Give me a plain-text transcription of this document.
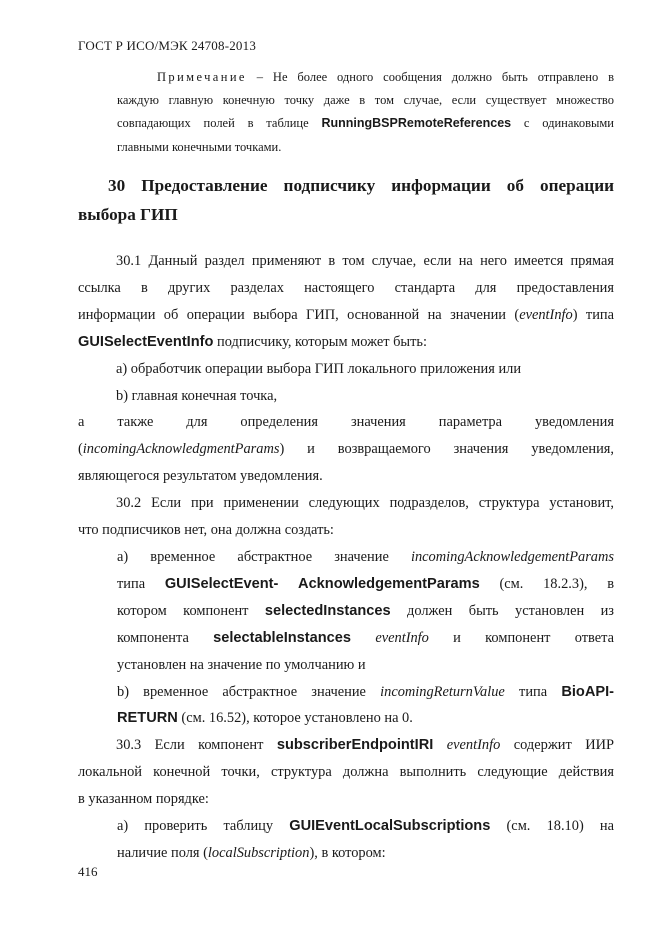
ГОСТ Р ИСО/МЭК 24708-2013
Примечание – Не более одного сообщения должно быть отправлено в
каждую главную конечную точку даже в том случае, если существует множество
совпадающих полей в таблице RunningBSPRemoteReferences с одинаковыми
главными конечными точками.
30 Предоставление подписчику информации об операции
выбора ГИП
30.1 Данный раздел применяют в том случае, если на него имеется прямая
ссылка в других разделах настоящего стандарта для предоставления
информации об операции выбора ГИП, основанной на значении (eventInfo) типа
GUISelectEventInfo подписчику, которым может быть:
а) обработчик операции выбора ГИП локального приложения или
b) главная конечная точка,
а также для определения значения параметра уведомления
(incomingAcknowledgmentParams) и возвращаемого значения уведомления,
являющегося результатом уведомления.
30.2 Если при применении следующих подразделов, структура установит,
что подписчиков нет, она должна создать:
а) временное абстрактное значение incomingAcknowledgementParams
типа GUISelectEvent- AcknowledgementParams (см. 18.2.3), в
котором компонент selectedInstances должен быть установлен из
компонента selectableInstances eventInfo и компонент ответа
установлен на значение по умолчанию и
b) временное абстрактное значение incomingReturnValue типа BioAPI-
RETURN (см. 16.52), которое установлено на 0.
30.3 Если компонент subscriberEndpointIRI eventInfo содержит ИИР
локальной конечной точки, структура должна выполнить следующие действия
в указанном порядке:
а) проверить таблицу GUIEventLocalSubscriptions (см. 18.10) на
наличие поля (localSubscription), в котором:
416
